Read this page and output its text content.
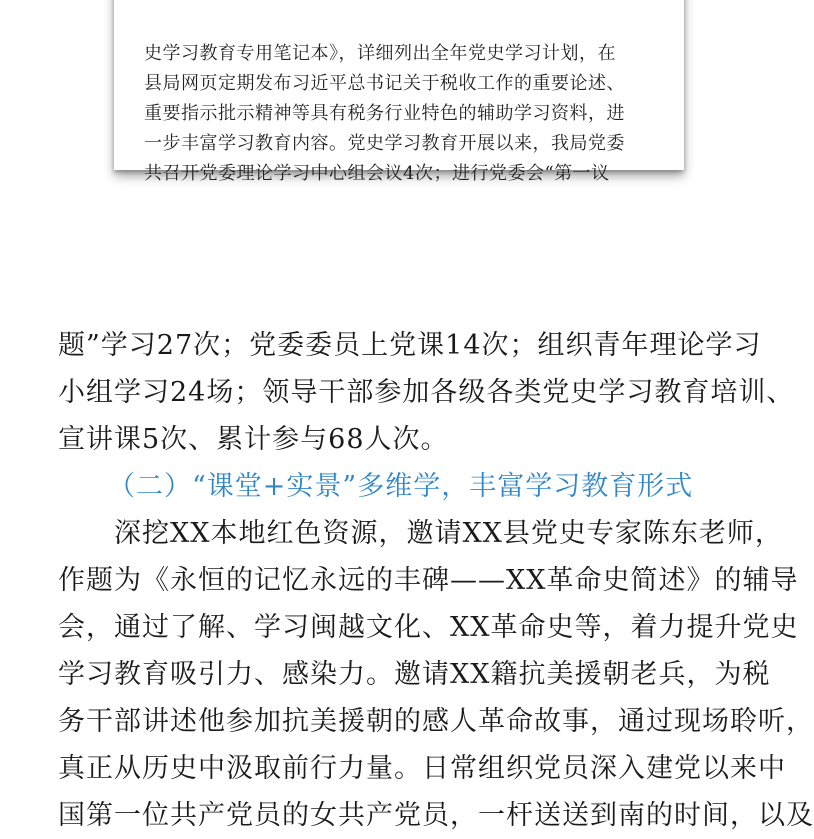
史学习教育专用笔记本》，详细列出全年党史学习计划，在
县局网页定期发布习近平总书记关于税收工作的重要论述、
重要指示批示精神等具有税务行业特色的辅助学习资料，进
一步丰富学习教育内容。党史学习教育开展以来，我局党委
共召开党委理论学习中心组会议4次；进行党委会“第一议
题”学习27次；党委委员上党课14次；组织青年理论学习
小组学习24场；领导干部参加各级各类党史学习教育培训、
宣讲课5次、累计参与68人次。
（二）“课堂+实景”多维学，丰富学习教育形式
深挖XX本地红色资源，邀请XX县党史专家陈东老师，
作题为《永恒的记忆永远的丰碑——XX革命史简述》的辅导
会，通过了解、学习闽越文化、XX革命史等，着力提升党史
学习教育吸引力、感染力。邀请XX籍抗美援朝老兵，为税
务干部讲述他参加抗美援朝的感人革命故事，通过现场聆听，
真正从历史中汲取前行力量。日常组织党员深入建党以来中
国第一位共产党员的女共产党员，一杆送送到南的时间，以及
